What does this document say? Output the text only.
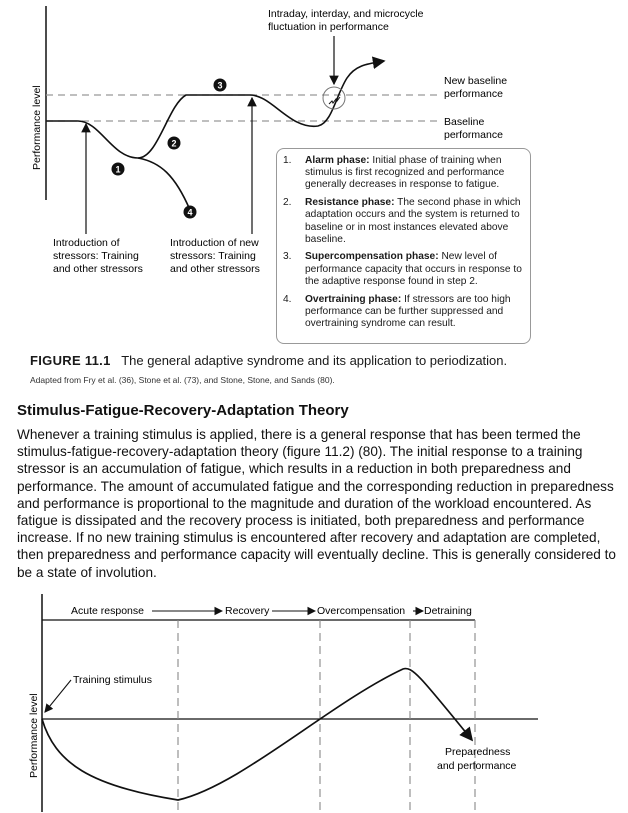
Performance level	1
2
3
4
Intraday, interday, and microcycle fluctuation in performance
New baseline performance
Baseline performance
Introduction of stressors: Training and other stressors
Introduction of new stressors: Training and other stressors
1.	Alarm phase: Initial phase of training when stimulus is first recognized and performance generally decreases in response to fatigue.
2.	Resistance phase: The second phase in which adaptation occurs and the system is returned to baseline or in most instances elevated above baseline.
3.	Supercompensation phase: New level of performance capacity that occurs in response to the adaptive response found in step 2.
4.	Overtraining phase: If stressors are too high performance can be further suppressed and overtraining syndrome can result.
FIGURE 11.1 The general adaptive syndrome and its application to periodization.
Adapted from Fry et al. (36), Stone et al. (73), and Stone, Stone, and Sands (80).
Stimulus-Fatigue-Recovery-Adaptation Theory
Whenever a training stimulus is applied, there is a general response that has been termed the stimulus-fatigue-recovery-adaptation theory (figure 11.2) (80). The initial response to a training stressor is an accumulation of fatigue, which results in a reduction in both preparedness and performance. The amount of accumulated fatigue and the corresponding reduction in preparedness and performance is proportional to the magnitude and duration of the workload encountered. As fatigue is dissipated and the recovery process is initiated, both preparedness and performance increase. If no new training stimulus is encountered after recovery and adaptation are completed, then preparedness and performance capacity will eventually decline. This is generally considered to be a state of involution.
Performance level
Acute response	Recovery	Overcompensation Detraining
Training stimulus
Preparedness and performance
